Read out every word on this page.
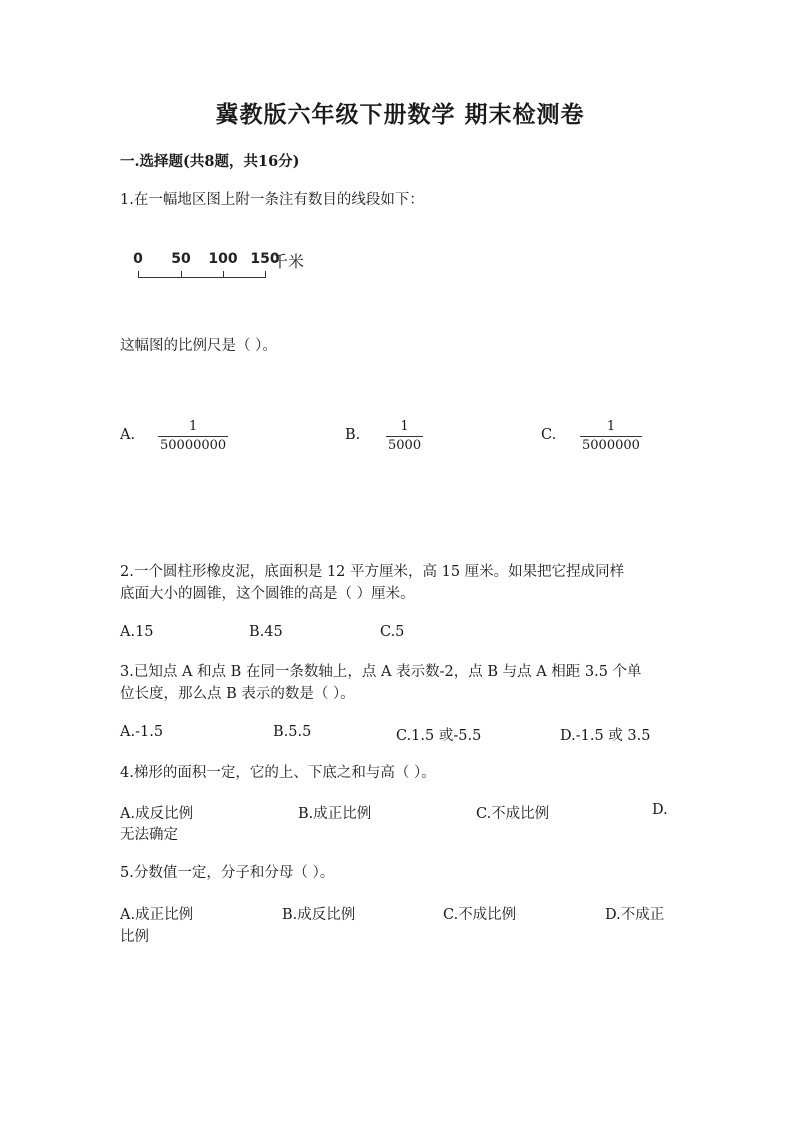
冀教版六年级下册数学 期末检测卷
一.选择题(共8题，共16分)
1.在一幅地区图上附一条注有数目的线段如下：
0 50 100 150
千米
这幅图的比例尺是（ ）。
A. $\frac{1}{50000000}$	B. $\frac{1}{5000}$	C. $\frac{1}{5000000}$
2.一个圆柱形橡皮泥，底面积是 12 平方厘米，高 15 厘米。如果把它捏成同样
底面大小的圆锥，这个圆锥的高是（ ）厘米。
A.15	B.45	C.5
3.已知点 A 和点 B 在同一条数轴上，点 A 表示数-2，点 B 与点 A 相距 3.5 个单
位长度，那么点 B 表示的数是（ ）。
A.-1.5	B.5.5	C.1.5 或-5.5	D.-1.5 或 3.5
4.梯形的面积一定，它的上、下底之和与高（ ）。
A.成反比例	B.成正比例	C.不成比例	D.
无法确定
5.分数值一定，分子和分母（ ）。
A.成正比例	B.成反比例	C.不成比例	D.不成正
比例
